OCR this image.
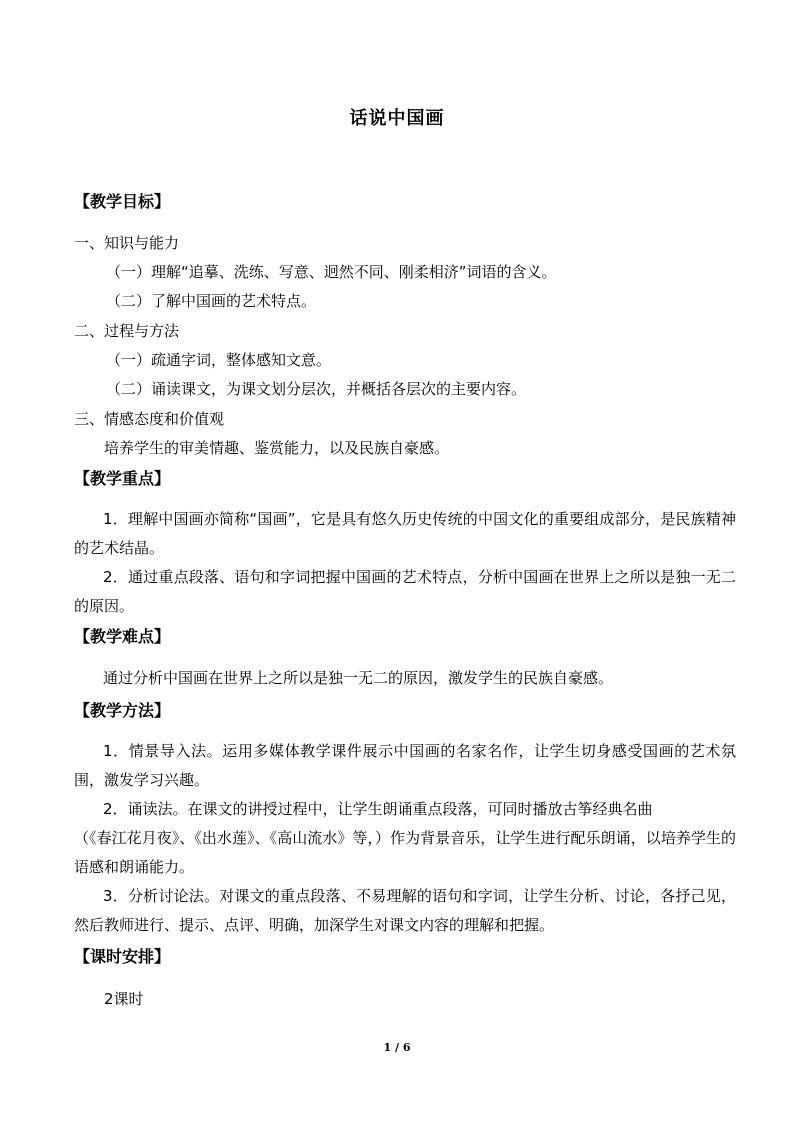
话说中国画
【教学目标】
一、知识与能力
（一）理解“追摹、洗练、写意、迥然不同、刚柔相济”词语的含义。
（二）了解中国画的艺术特点。
二、过程与方法
（一）疏通字词，整体感知文意。
（二）诵读课文，为课文划分层次，并概括各层次的主要内容。
三、情感态度和价值观
培养学生的审美情趣、鉴赏能力，以及民族自豪感。
【教学重点】
1．理解中国画亦简称“国画”，它是具有悠久历史传统的中国文化的重要组成部分，是民族精神的艺术结晶。
2．通过重点段落、语句和字词把握中国画的艺术特点，分析中国画在世界上之所以是独一无二的原因。
【教学难点】
通过分析中国画在世界上之所以是独一无二的原因，激发学生的民族自豪感。
【教学方法】
1．情景导入法。运用多媒体教学课件展示中国画的名家名作，让学生切身感受国画的艺术氛围，激发学习兴趣。
2．诵读法。在课文的讲授过程中，让学生朗诵重点段落，可同时播放古筝经典名曲
（《春江花月夜》、《出水莲》、《高山流水》等，）作为背景音乐，让学生进行配乐朗诵，以培养学生的语感和朗诵能力。
3．分析讨论法。对课文的重点段落、不易理解的语句和字词，让学生分析、讨论，各抒己见，然后教师进行、提示、点评、明确，加深学生对课文内容的理解和把握。
【课时安排】
2课时
1 / 6
